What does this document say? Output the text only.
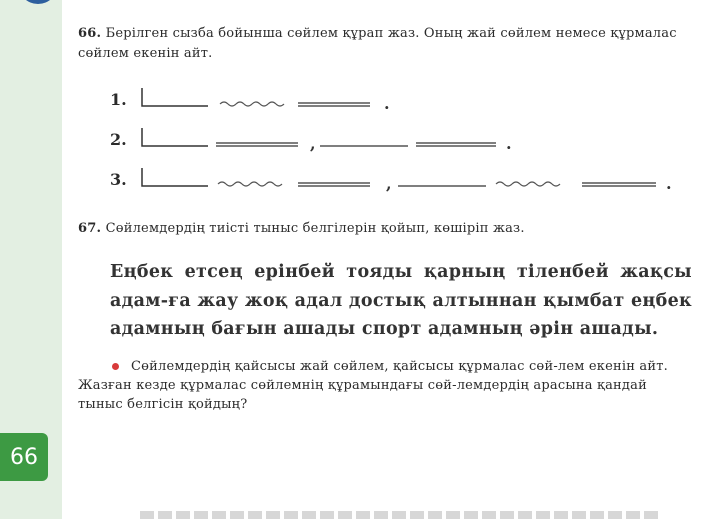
66
66. Берілген сызба бойынша сөйлем құрап жаз. Оның жай сөйлем немесе құрмалас сөйлем екенін айт.
1.	.
2.	,	.
3.	,	.
67. Сөйлемдердің тиісті тыныс белгілерін қойып, көшіріп жаз.
Еңбек етсең ерінбей тояды қарның тіленбей жақсы адам-ға жау жоқ адал достық алтыннан қымбат еңбек адамның бағын ашады спорт адамның әрін ашады.
Сөйлемдердің қайсысы жай сөйлем, қайсысы құрмалас сөй-лем екенін айт. Жазған кезде құрмалас сөйлемнің құрамындағы сөй-лемдердің арасына қандай тыныс белгісін қойдың?
